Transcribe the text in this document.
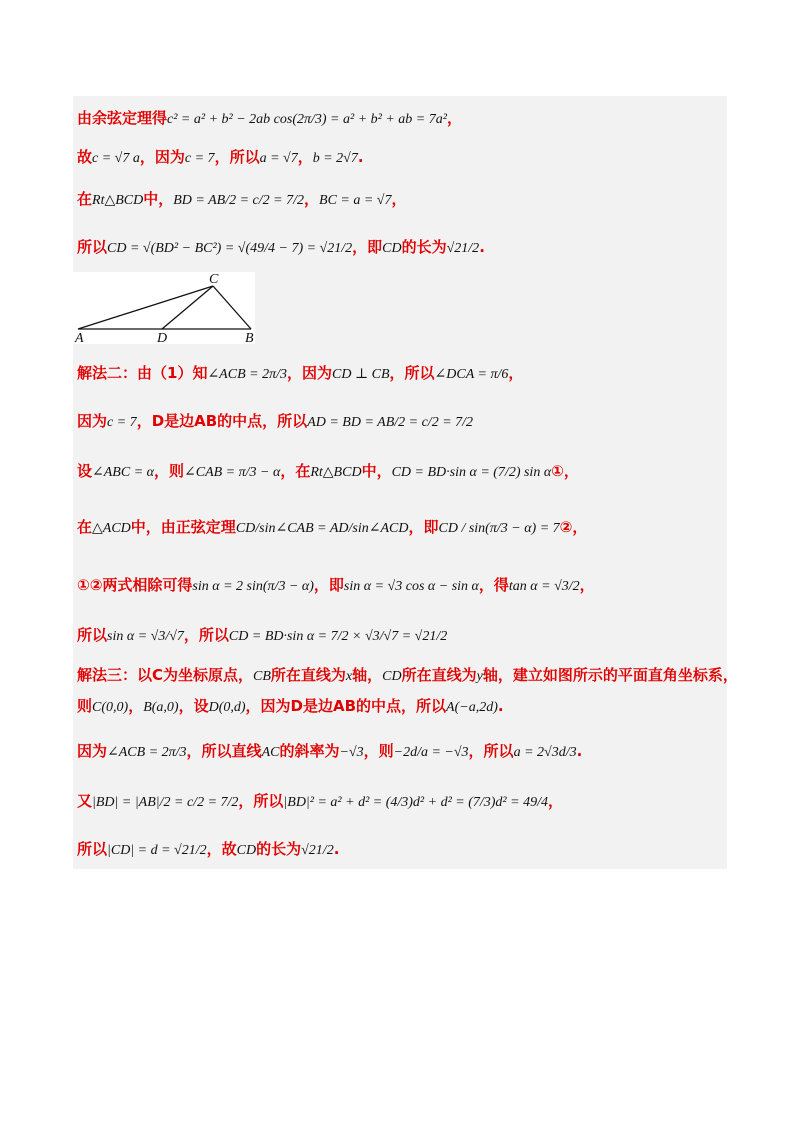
C
A	D	B
由余弦定理得c² = a² + b² − 2ab cos(2π/3) = a² + b² + ab = 7a²，
故c = √7 a，因为c = 7，所以a = √7，b = 2√7.
在Rt△BCD中，BD = AB/2 = c/2 = 7/2，BC = a = √7，
所以CD = √(BD² − BC²) = √(49/4 − 7) = √21/2，即CD的长为√21/2.
解法二：由（1）知∠ACB = 2π/3，因为CD ⊥ CB，所以∠DCA = π/6，
因为c = 7，D是边AB的中点，所以AD = BD = AB/2 = c/2 = 7/2
设∠ABC = α，则∠CAB = π/3 − α，在Rt△BCD中，CD = BD·sin α = (7/2) sin α①，
在△ACD中，由正弦定理CD/sin∠CAB = AD/sin∠ACD，即CD / sin(π/3 − α) = 7②，
①②两式相除可得sin α = 2 sin(π/3 − α)，即sin α = √3 cos α − sin α，得tan α = √3/2，
所以sin α = √3/√7，所以CD = BD·sin α = 7/2 × √3/√7 = √21/2
解法三：以C为坐标原点，CB所在直线为x轴，CD所在直线为y轴，建立如图所示的平面直角坐标系，
则C(0,0)，B(a,0)，设D(0,d)，因为D是边AB的中点，所以A(−a,2d).
因为∠ACB = 2π/3，所以直线AC的斜率为−√3，则−2d/a = −√3，所以a = 2√3d/3.
又|BD| = |AB|/2 = c/2 = 7/2，所以|BD|² = a² + d² = (4/3)d² + d² = (7/3)d² = 49/4，
所以|CD| = d = √21/2，故CD的长为√21/2.
